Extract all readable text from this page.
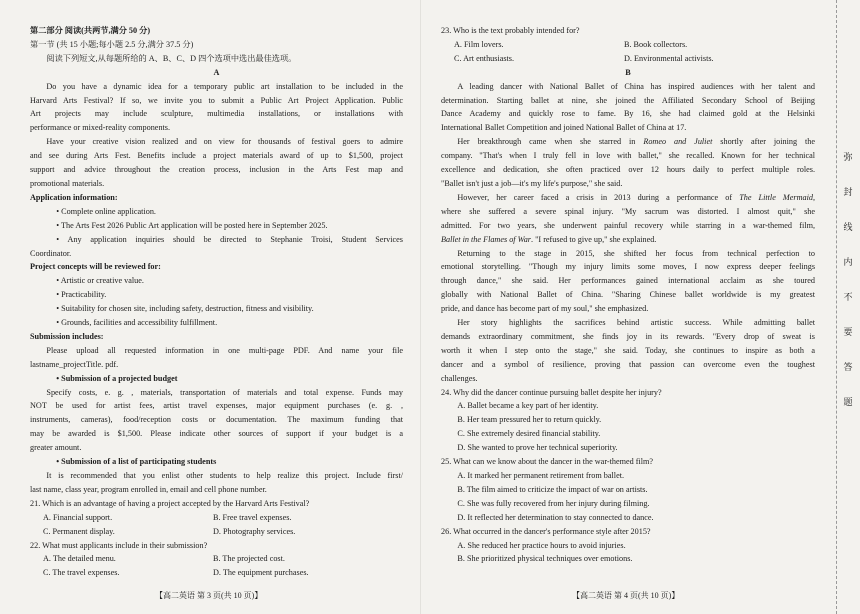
第二部分 阅读(共两节,满分 50 分)

第一节 (共 15 小题;每小题 2.5 分,满分 37.5 分)

阅读下列短文,从每题所给的 A、B、C、D 四个选项中选出最佳选项。

A

Do you have a dynamic idea for a temporary public art installation to be included in the

Harvard Arts Festival? If so, we invite you to submit a Public Art Project Application. Public

Art projects may include sculpture, multimedia installations, or installations with

performance or mixed-reality components.

Have your creative vision realized and on view for thousands of festival goers to admire

and see during Arts Fest. Benefits include a project materials award of up to $1,500, project

support and advice throughout the creation process, inclusion in the Arts Fest map and

promotional materials.

Application information:

• Complete online application.

• The Arts Fest 2026 Public Art application will be posted here in September 2025.

• Any application inquiries should be directed to Stephanie Troisi, Student Services

Coordinator.

Project concepts will be reviewed for:

• Artistic or creative value.

• Practicability.

• Suitability for chosen site, including safety, destruction, fitness and visibility.

• Grounds, facilities and accessibility fulfillment.

Submission includes:

Please upload all requested information in one multi-page PDF. And name your file

lastname_projectTitle. pdf.

• Submission of a projected budget

Specify costs, e. g. , materials, transportation of materials and total expense. Funds may

NOT be used for artist fees, artist travel expenses, major equipment purchases (e. g. ,

instruments, cameras), food/reception costs or documentation. The maximum funding that

may be awarded is $1,500. Please indicate other sources of support if your budget is a

greater amount.

• Submission of a list of participating students

It is recommended that you enlist other students to help realize this project. Include first/

last name, class year, program enrolled in, email and cell phone number.

21. Which is an advantage of having a project accepted by the Harvard Arts Festival?

A. Financial support.	B. Free travel expenses.
C. Permanent display.	D. Photography services.

22. What must applicants include in their submission?

A. The detailed menu.	B. The projected cost.
C. The travel expenses.	D. The equipment purchases.

23. Who is the text probably intended for?

A. Film lovers.	B. Book collectors.
C. Art enthusiasts.	D. Environmental activists.

B

A leading dancer with National Ballet of China has inspired audiences with her talent and

determination. Starting ballet at nine, she joined the Affiliated Secondary School of Beijing

Dance Academy and quickly rose to fame. By 16, she had claimed gold at the Helsinki

International Ballet Competition and joined National Ballet of China at 17.

Her breakthrough came when she starred in Romeo and Juliet shortly after joining the

company. "That's when I truly fell in love with ballet," she recalled. Known for her technical

excellence and dedication, she often practiced over 12 hours daily to perfect multiple roles.

"Ballet isn't just a job—it's my life's purpose," she said.

However, her career faced a crisis in 2013 during a performance of The Little Mermaid,

where she suffered a severe spinal injury. "My sacrum was distorted. I almost quit," she

admitted. For two years, she underwent painful recovery while starring in a war-themed film,

Ballet in the Flames of War. "I refused to give up," she explained.

Returning to the stage in 2015, she shifted her focus from technical perfection to

emotional storytelling. "Though my injury limits some moves, I now express deeper feelings

through dance," she said. Her performances gained international acclaim as she toured

globally with National Ballet of China. "Sharing Chinese ballet worldwide is my greatest

pride, and dance has become part of my soul," she emphasized.

Her story highlights the sacrifices behind artistic success. While admitting ballet

demands extraordinary commitment, she finds joy in its rewards. "Every drop of sweat is

worth it when I step onto the stage," she said. Today, she continues to inspire as both a

dancer and a symbol of resilience, proving that passion can overcome even the toughest

challenges.

24. Why did the dancer continue pursuing ballet despite her injury?

A. Ballet became a key part of her identity.

B. Her team pressured her to return quickly.

C. She extremely desired financial stability.

D. She wanted to prove her technical superiority.

25. What can we know about the dancer in the war-themed film?

A. It marked her permanent retirement from ballet.

B. The film aimed to criticize the impact of war on artists.

C. She was fully recovered from her injury during filming.

D. It reflected her determination to stay connected to dance.

26. What occurred in the dancer's performance style after 2015?

A. She reduced her practice hours to avoid injuries.

B. She prioritized physical techniques over emotions.

【高二英语 第 3 页(共 10 页)】	【高二英语 第 4 页(共 10 页)】

弥
封
线
内
不
要
答
题
